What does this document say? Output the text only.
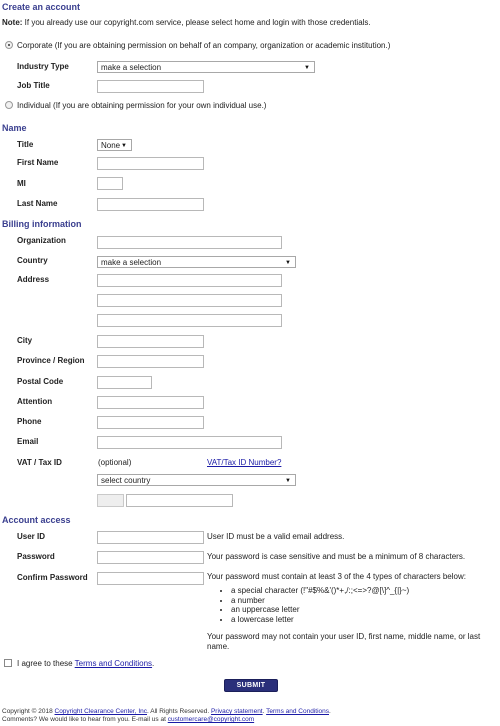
Create an account
Note: If you already use our copyright.com service, please select home and login with those credentials.
Corporate (If you are obtaining permission on behalf of an company, organization or academic institution.)
Industry Type	make a selection	▼
Job Title
Individual (If you are obtaining permission for your own individual use.)
Name
Title	None ▼
First Name
MI
Last Name
Billing information
Organization
Country	make a selection	▼
Address
City
Province / Region
Postal Code
Attention
Phone
Email
VAT / Tax ID	(optional)	VAT/Tax ID Number?
select country	▼
Account access
User ID	User ID must be a valid email address.
Password	Your password is case sensitive and must be a minimum of 8 characters.
Confirm Password	Your password must contain at least 3 of the 4 types of characters below:
• a special character (!"#$%&'()*+,/:;<=>?@[\]^_{|}~)
• a number
• an uppercase letter
• a lowercase letter
Your password may not contain your user ID, first name, middle name, or last name.
I agree to these Terms and Conditions.
SUBMIT
Copyright © 2018 Copyright Clearance Center, Inc. All Rights Reserved. Privacy statement. Terms and Conditions.
Comments? We would like to hear from you. E-mail us at customercare@copyright.com
